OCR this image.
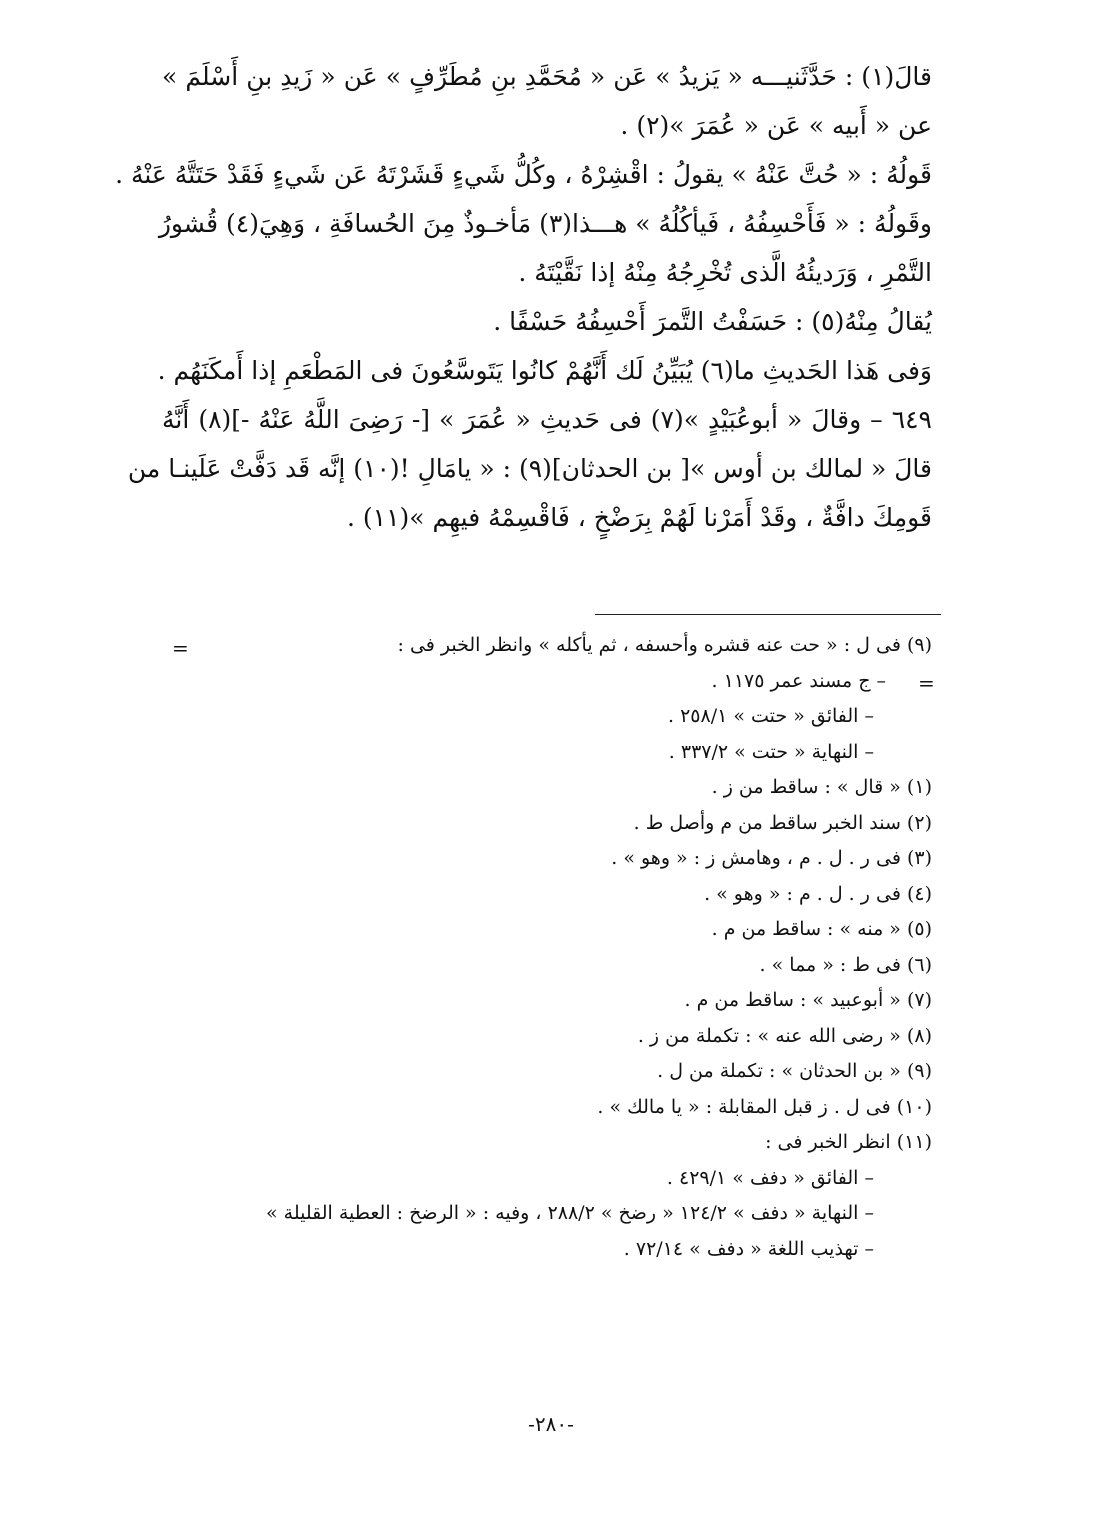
قالَ(١) : حَدَّثَنيـــه « يَزيدُ » عَن « مُحَمَّدِ بنِ مُطَرِّفٍ » عَن « زَيدِ بنِ أَسْلَمَ »
عن « أَبيه » عَن « عُمَرَ »(٢) .
قَولُهُ : « حُتَّ عَنْهُ » يقولُ : اقْشِرْهُ ، وكُلُّ شَيءٍ قَشَرْتَهُ عَن شَيءٍ فَقَدْ حَتَتَّهُ عَنْهُ .
وقَولُهُ : « فَأَحْسِفُهُ ، فَيأكُلُهُ » هـــذا(٣) مَأخـوذٌ مِنَ الحُسافَةِ ، وَهِيَ(٤) قُشورُ
التَّمْرِ ، وَرَديئُهُ الَّذى تُخْرِجُهُ مِنْهُ إذا نَقَّيْتَهُ .
يُقالُ مِنْهُ(٥) : حَسَفْتُ التَّمرَ أَحْسِفُهُ حَسْفًا .
وَفى هَذا الحَديثِ ما(٦) يُبَيِّنُ لَك أَنَّهُمْ كانُوا يَتَوسَّعُونَ فى المَطْعَمِ إذا أَمكَنَهُم .
٦٤٩ – وقالَ « أبوعُبَيْدٍ »(٧) فى حَديثِ « عُمَرَ » [- رَضِىَ اللَّهُ عَنْهُ -](٨) أَنَّهُ
قالَ « لمالك بن أوس »[ بن الحدثان](٩) : « يامَالِ !(١٠) إنَّه قَد دَفَّتْ عَلَينـا من
قَومِكَ دافَّةٌ ، وقَدْ أَمَرْنا لَهُمْ بِرَضْخٍ ، فَاقْسِمْهُ فيهِم »(١١) .
=
=
(٩) فى ل : « حت عنه قشره وأحسفه ، ثم يأكله » وانظر الخبر فى :
– ج مسند عمر ١١٧٥ .
– الفائق « حتت » ٢٥٨/١ .
– النهاية « حتت » ٣٣٧/٢ .
(١) « قال » : ساقط من ز .
(٢) سند الخبر ساقط من م وأصل ط .
(٣) فى ر . ل . م ، وهامش ز : « وهو » .
(٤) فى ر . ل . م : « وهو » .
(٥) « منه » : ساقط من م .
(٦) فى ط : « مما » .
(٧) « أبوعبيد » : ساقط من م .
(٨) « رضى الله عنه » : تكملة من ز .
(٩) « بن الحدثان » : تكملة من ل .
(١٠) فى ل . ز قبل المقابلة : « يا مالك » .
(١١) انظر الخبر فى :
– الفائق « دفف » ٤٢٩/١ .
– النهاية « دفف » ١٢٤/٢ « رضخ » ٢٨٨/٢ ، وفيه : « الرضخ : العطية القليلة »
– تهذيب اللغة « دفف » ٧٢/١٤ .
-٢٨٠-
